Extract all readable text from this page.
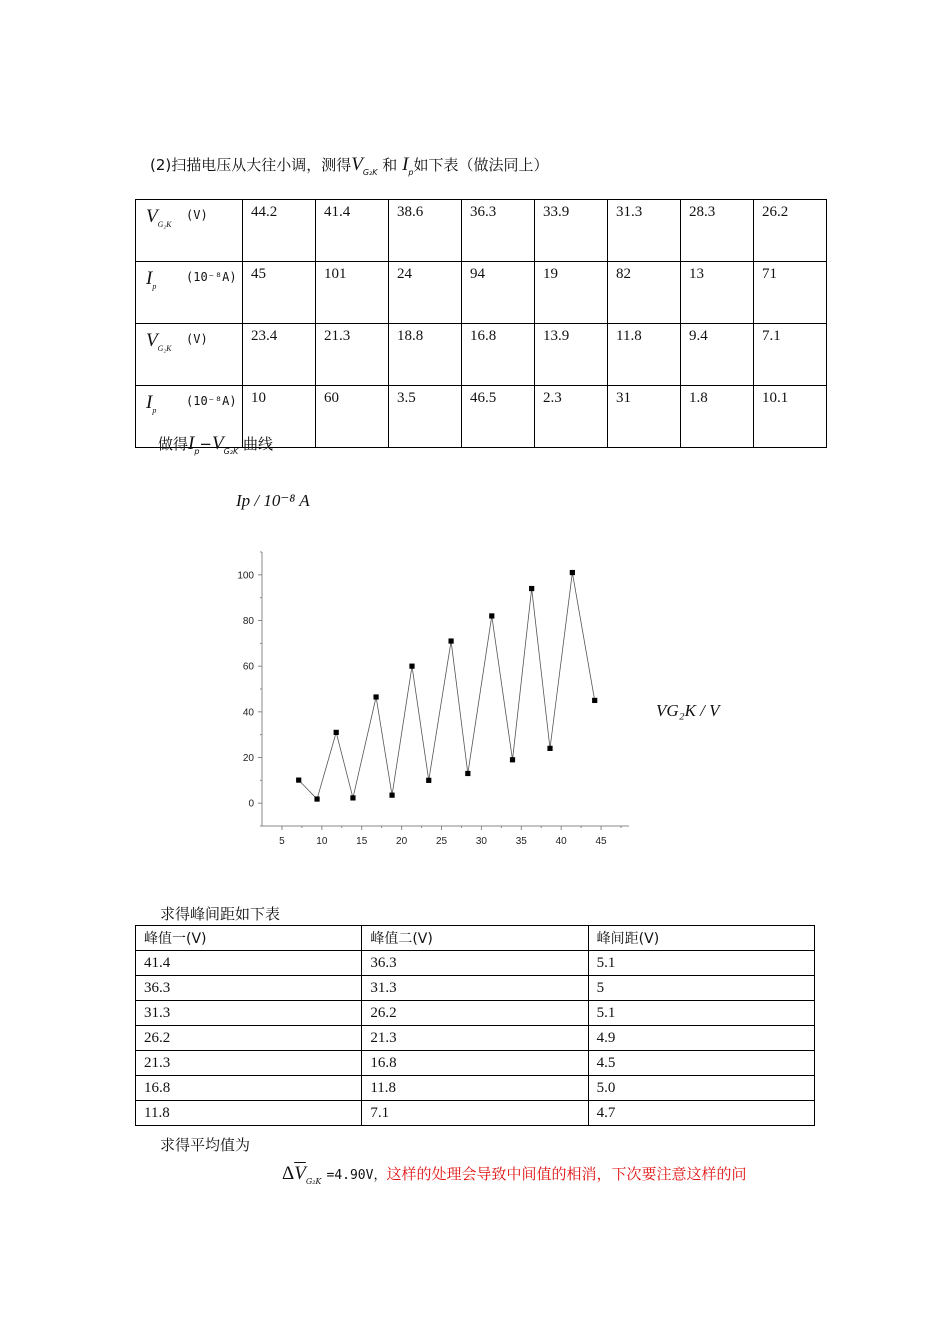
(2)扫描电压从大往小调，测得$V_{G_2K}$ 和 $I_p$如下表（做法同上）
$V_{G_2K}$
(V)	44.2	41.4	38.6	36.3	33.9	31.3	28.3	26.2
$I_p$
(10⁻⁸A)	45	101	24	94	19	82	13	71
$V_{G_2K}$
(V)	23.4	21.3	18.8	16.8	13.9	11.8	9.4	7.1
$I_p$
(10⁻⁸A)	10	60	3.5	46.5	2.3	31	1.8	10.1
做得$I_p-V_{G_2K}$ 曲线
Ip / 10⁻⁸ A
VG₂K / V
0
20
40
60
80
100
5	10	15	20	25	30	35	40	45
求得峰间距如下表
峰值一(V)	峰值二(V)	峰间距(V)
41.4	36.3	5.1
36.3	31.3	5
31.3	26.2	5.1
26.2	21.3	4.9
21.3	16.8	4.5
16.8	11.8	5.0
11.8	7.1	4.7
求得平均值为
$\Delta\overline{V}_{G_2K} =4.90V$，这样的处理会导致中间值的相消，下次要注意这样的问
